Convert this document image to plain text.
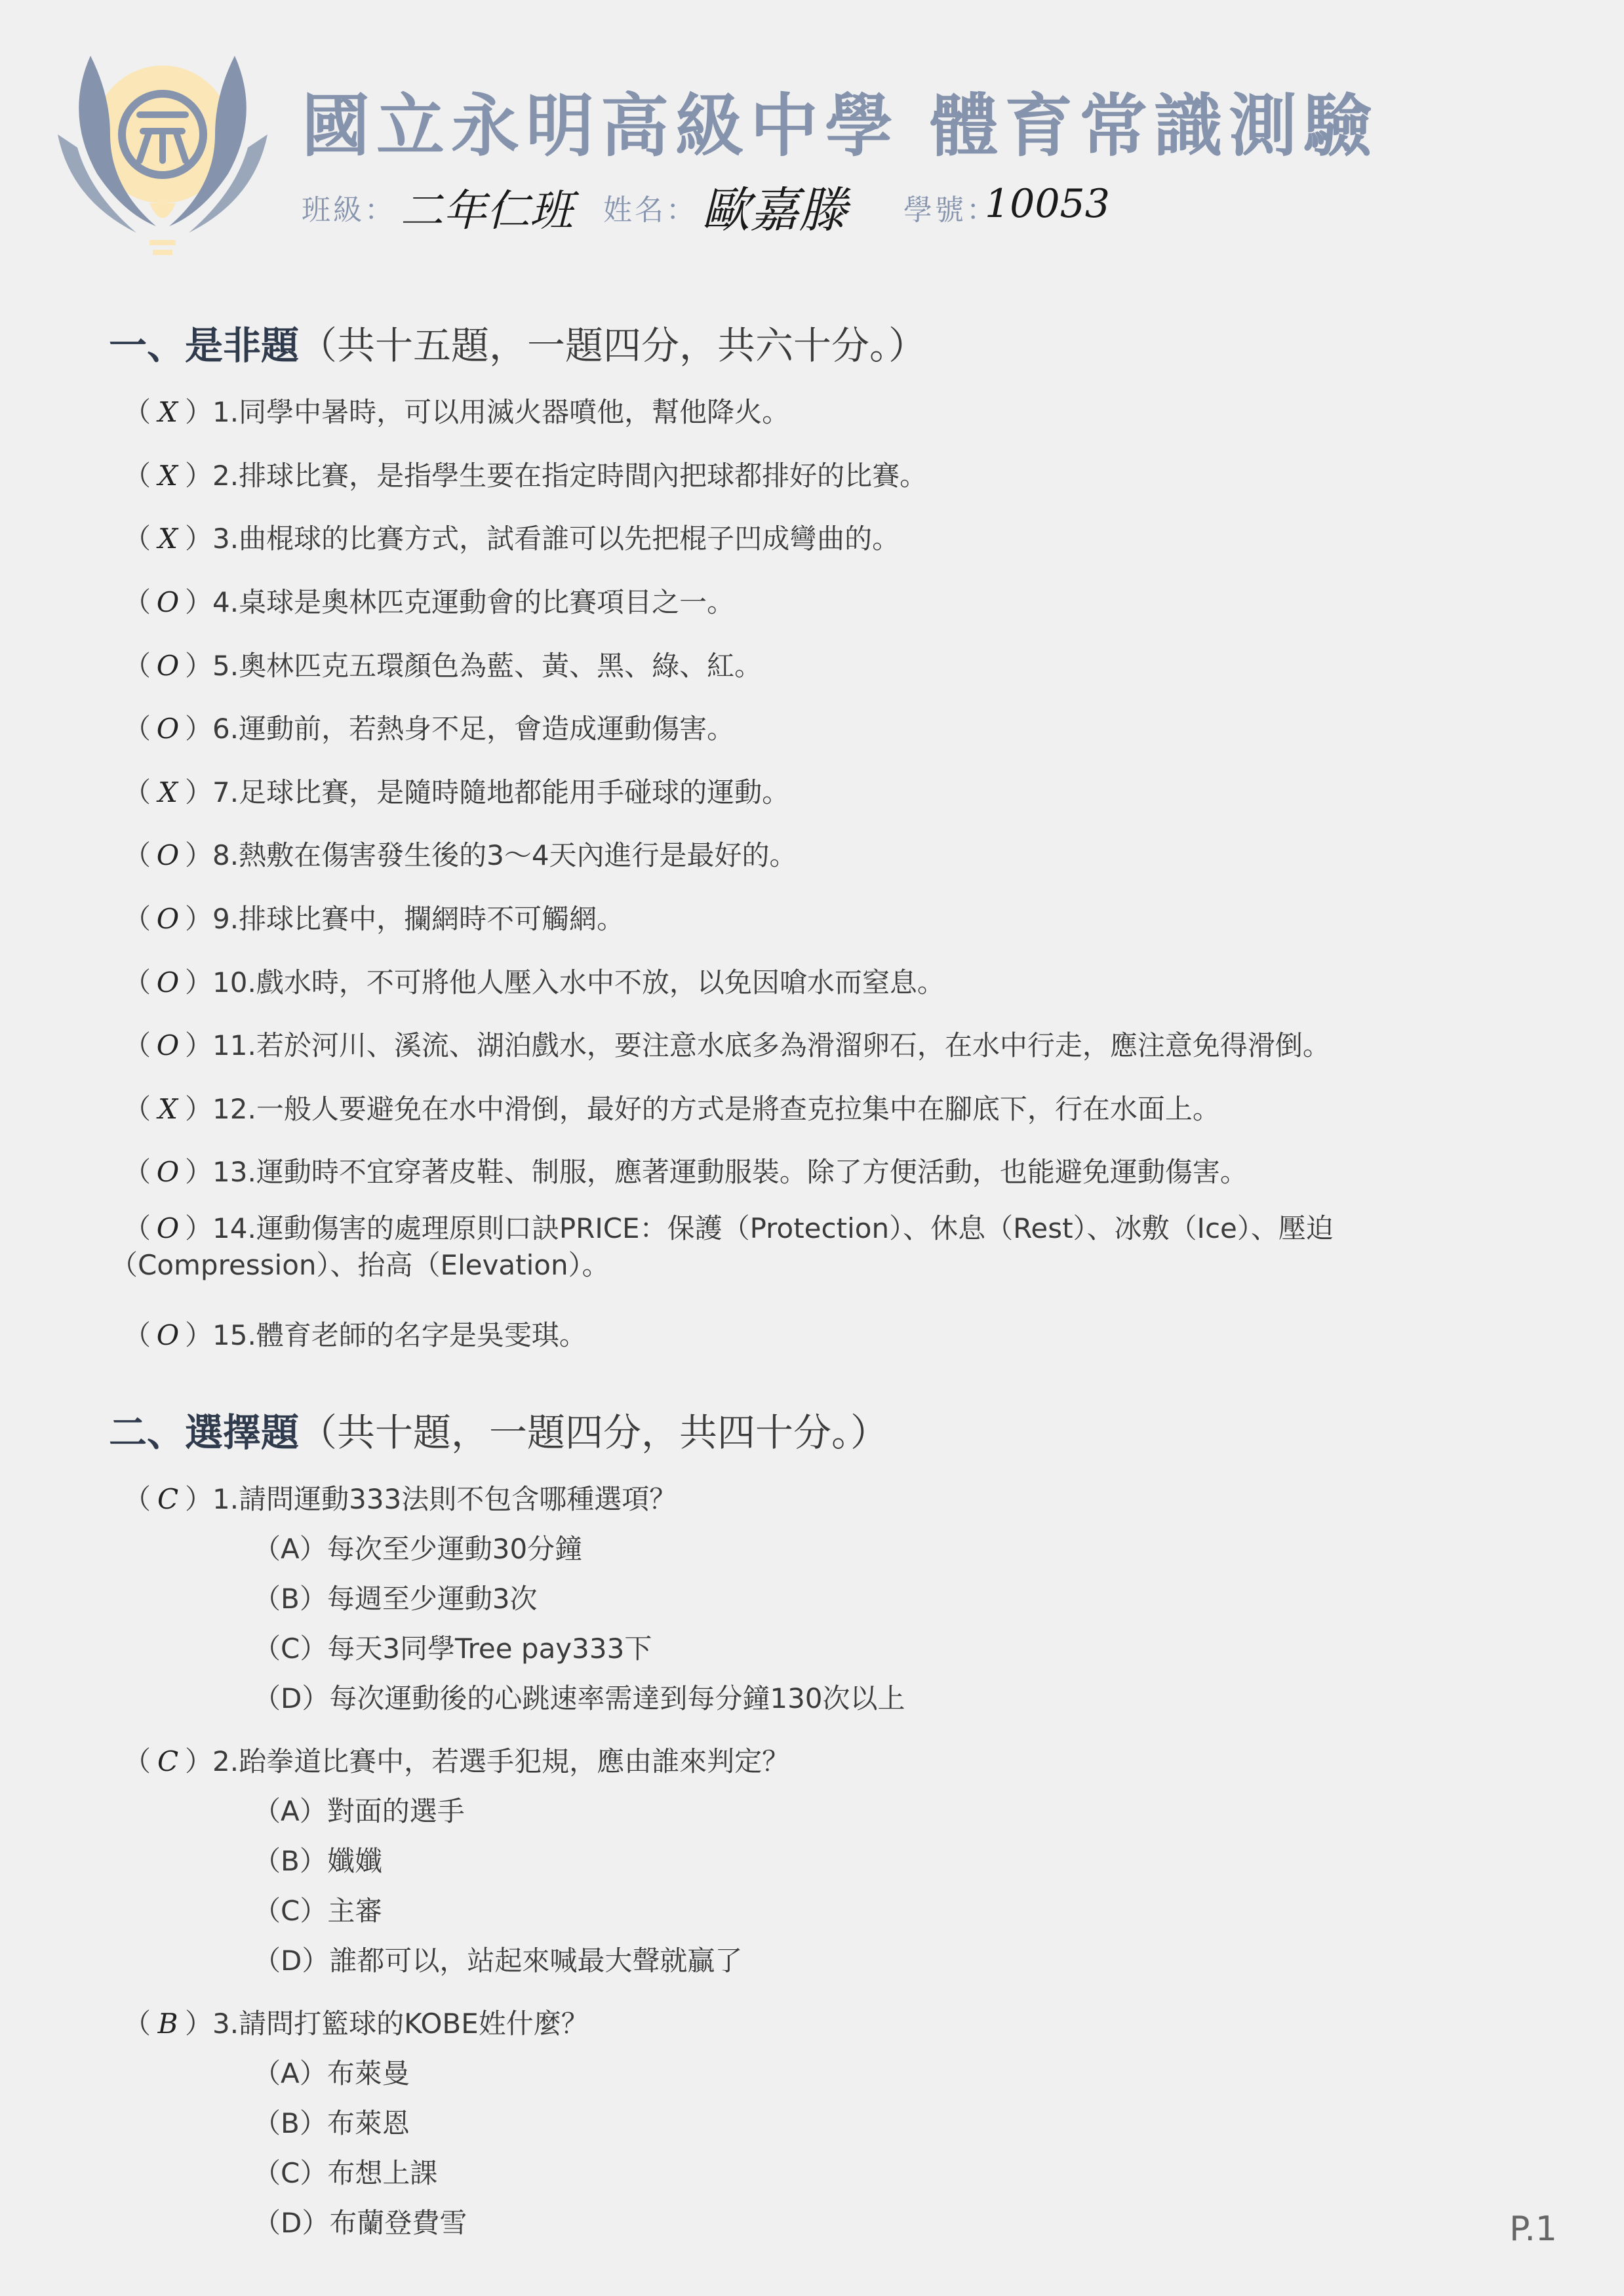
國立永明高級中學 體育常識測驗
班級： 二年仁班 姓名： 歐嘉滕 學號：
10053
一、是非題（共十五題，一題四分，共六十分。）
（ X ）1.同學中暑時，可以用滅火器噴他，幫他降火。
（ X ）2.排球比賽，是指學生要在指定時間內把球都排好的比賽。
（ X ）3.曲棍球的比賽方式，試看誰可以先把棍子凹成彎曲的。
（ O ）4.桌球是奧林匹克運動會的比賽項目之一。
（ O ）5.奧林匹克五環顏色為藍、黃、黑、綠、紅。
（ O ）6.運動前，若熱身不足，會造成運動傷害。
（ X ）7.足球比賽，是隨時隨地都能用手碰球的運動。
（ O ）8.熱敷在傷害發生後的3～4天內進行是最好的。
（ O ）9.排球比賽中，攔網時不可觸網。
（ O ）10.戲水時，不可將他人壓入水中不放，以免因嗆水而窒息。
（ O ）11.若於河川、溪流、湖泊戲水，要注意水底多為滑溜卵石，在水中行走，應注意免得滑倒。
（ X ）12.一般人要避免在水中滑倒，最好的方式是將查克拉集中在腳底下，行在水面上。
（ O ）13.運動時不宜穿著皮鞋、制服，應著運動服裝。除了方便活動，也能避免運動傷害。
（ O ）14.運動傷害的處理原則口訣PRICE：保護（Protection）、休息（Rest）、冰敷（Ice）、壓迫（Compression）、抬高（Elevation）。
（ O ）15.體育老師的名字是吳雯琪。
二、選擇題（共十題，一題四分，共四十分。）
（ C ）1.請問運動333法則不包含哪種選項？
（A）每次至少運動30分鐘
（B）每週至少運動3次
（C）每天3同學Tree pay333下
（D）每次運動後的心跳速率需達到每分鐘130次以上
（ C ）2.跆拳道比賽中，若選手犯規，應由誰來判定？
（A）對面的選手
（B）孅孅
（C）主審
（D）誰都可以，站起來喊最大聲就贏了
（ B ）3.請問打籃球的KOBE姓什麼？
（A）布萊曼
（B）布萊恩
（C）布想上課
（D）布蘭登費雪	P.1
